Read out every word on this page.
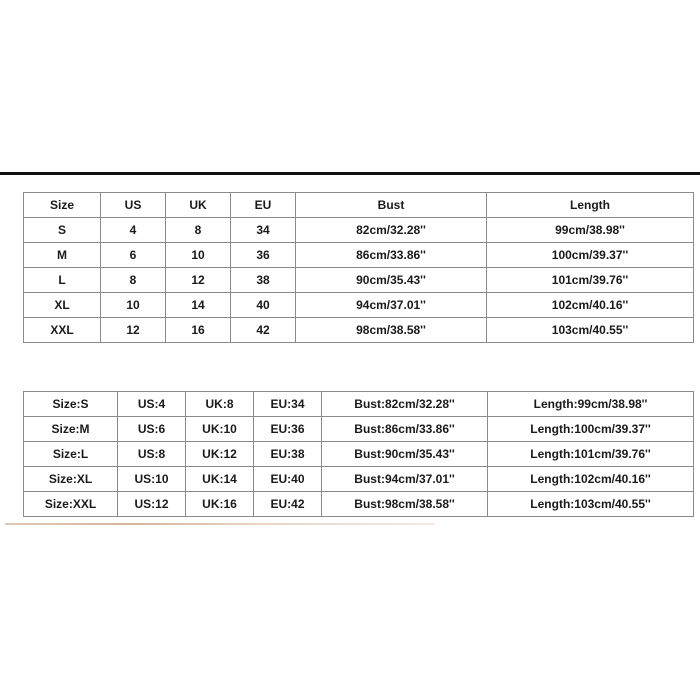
Size	US	UK	EU	Bust	Length
S	4	8	34	82cm/32.28''	99cm/38.98''
M	6	10	36	86cm/33.86''	100cm/39.37''
L	8	12	38	90cm/35.43''	101cm/39.76''
XL	10	14	40	94cm/37.01''	102cm/40.16''
XXL	12	16	42	98cm/38.58''	103cm/40.55''
Size:S	US:4	UK:8	EU:34	Bust:82cm/32.28''	Length:99cm/38.98''
Size:M	US:6	UK:10	EU:36	Bust:86cm/33.86''	Length:100cm/39.37''
Size:L	US:8	UK:12	EU:38	Bust:90cm/35.43''	Length:101cm/39.76''
Size:XL	US:10	UK:14	EU:40	Bust:94cm/37.01''	Length:102cm/40.16''
Size:XXL	US:12	UK:16	EU:42	Bust:98cm/38.58''	Length:103cm/40.55''
